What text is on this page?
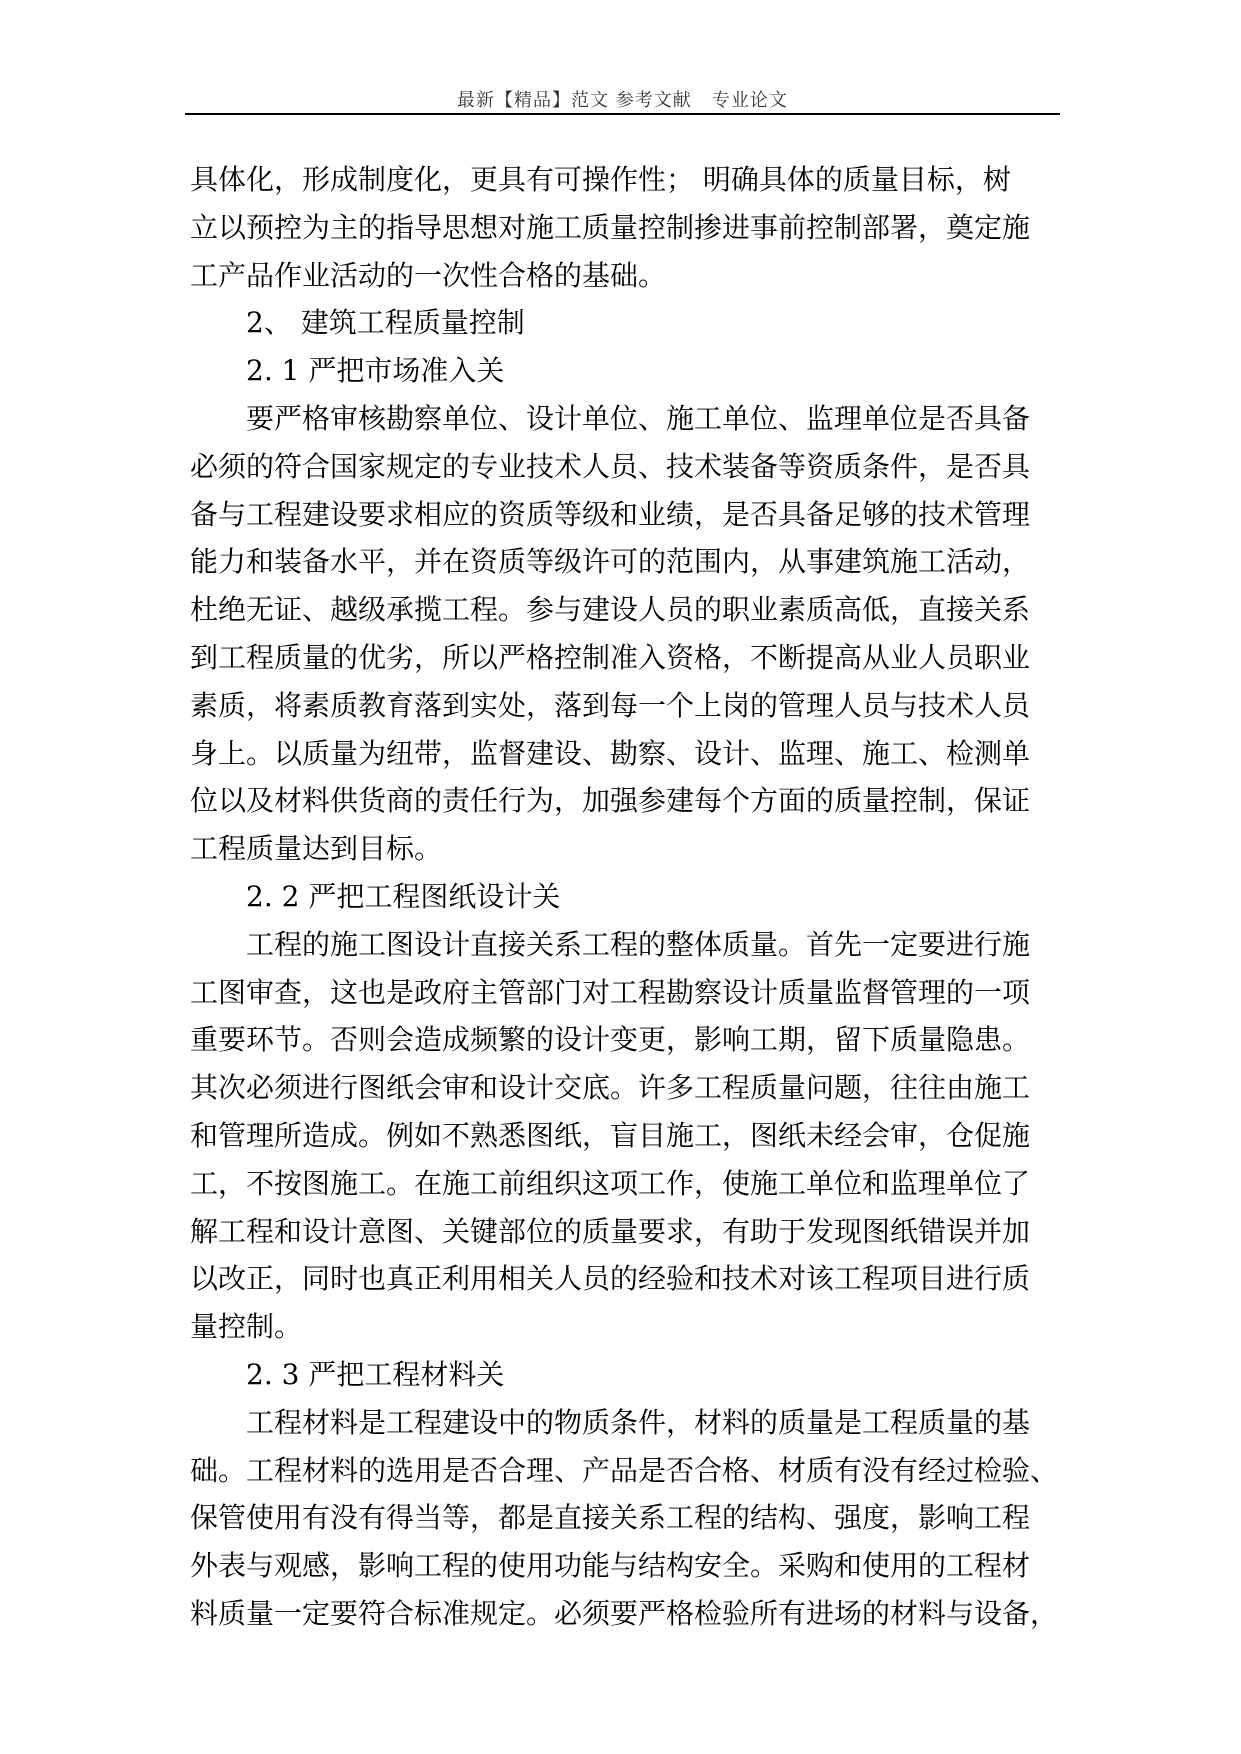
最新【精品】范文 参考文献   专业论文
具体化，形成制度化，更具有可操作性； 明确具体的质量目标，树
立以预控为主的指导思想对施工质量控制掺进事前控制部署，奠定施
工产品作业活动的一次性合格的基础。
2、 建筑工程质量控制
2. 1 严把市场准入关
要严格审核勘察单位、设计单位、施工单位、监理单位是否具备
必须的符合国家规定的专业技术人员、技术装备等资质条件，是否具
备与工程建设要求相应的资质等级和业绩，是否具备足够的技术管理
能力和装备水平，并在资质等级许可的范围内，从事建筑施工活动，
杜绝无证、越级承揽工程。参与建设人员的职业素质高低，直接关系
到工程质量的优劣，所以严格控制准入资格，不断提高从业人员职业
素质，将素质教育落到实处，落到每一个上岗的管理人员与技术人员
身上。以质量为纽带，监督建设、勘察、设计、监理、施工、检测单
位以及材料供货商的责任行为，加强参建每个方面的质量控制，保证
工程质量达到目标。
2. 2 严把工程图纸设计关
工程的施工图设计直接关系工程的整体质量。首先一定要进行施
工图审查，这也是政府主管部门对工程勘察设计质量监督管理的一项
重要环节。否则会造成频繁的设计变更，影响工期，留下质量隐患。
其次必须进行图纸会审和设计交底。许多工程质量问题，往往由施工
和管理所造成。例如不熟悉图纸，盲目施工，图纸未经会审，仓促施
工，不按图施工。在施工前组织这项工作，使施工单位和监理单位了
解工程和设计意图、关键部位的质量要求，有助于发现图纸错误并加
以改正，同时也真正利用相关人员的经验和技术对该工程项目进行质
量控制。
2. 3 严把工程材料关
工程材料是工程建设中的物质条件，材料的质量是工程质量的基
础。工程材料的选用是否合理、产品是否合格、材质有没有经过检验、
保管使用有没有得当等，都是直接关系工程的结构、强度，影响工程
外表与观感，影响工程的使用功能与结构安全。采购和使用的工程材
料质量一定要符合标准规定。必须要严格检验所有进场的材料与设备，
